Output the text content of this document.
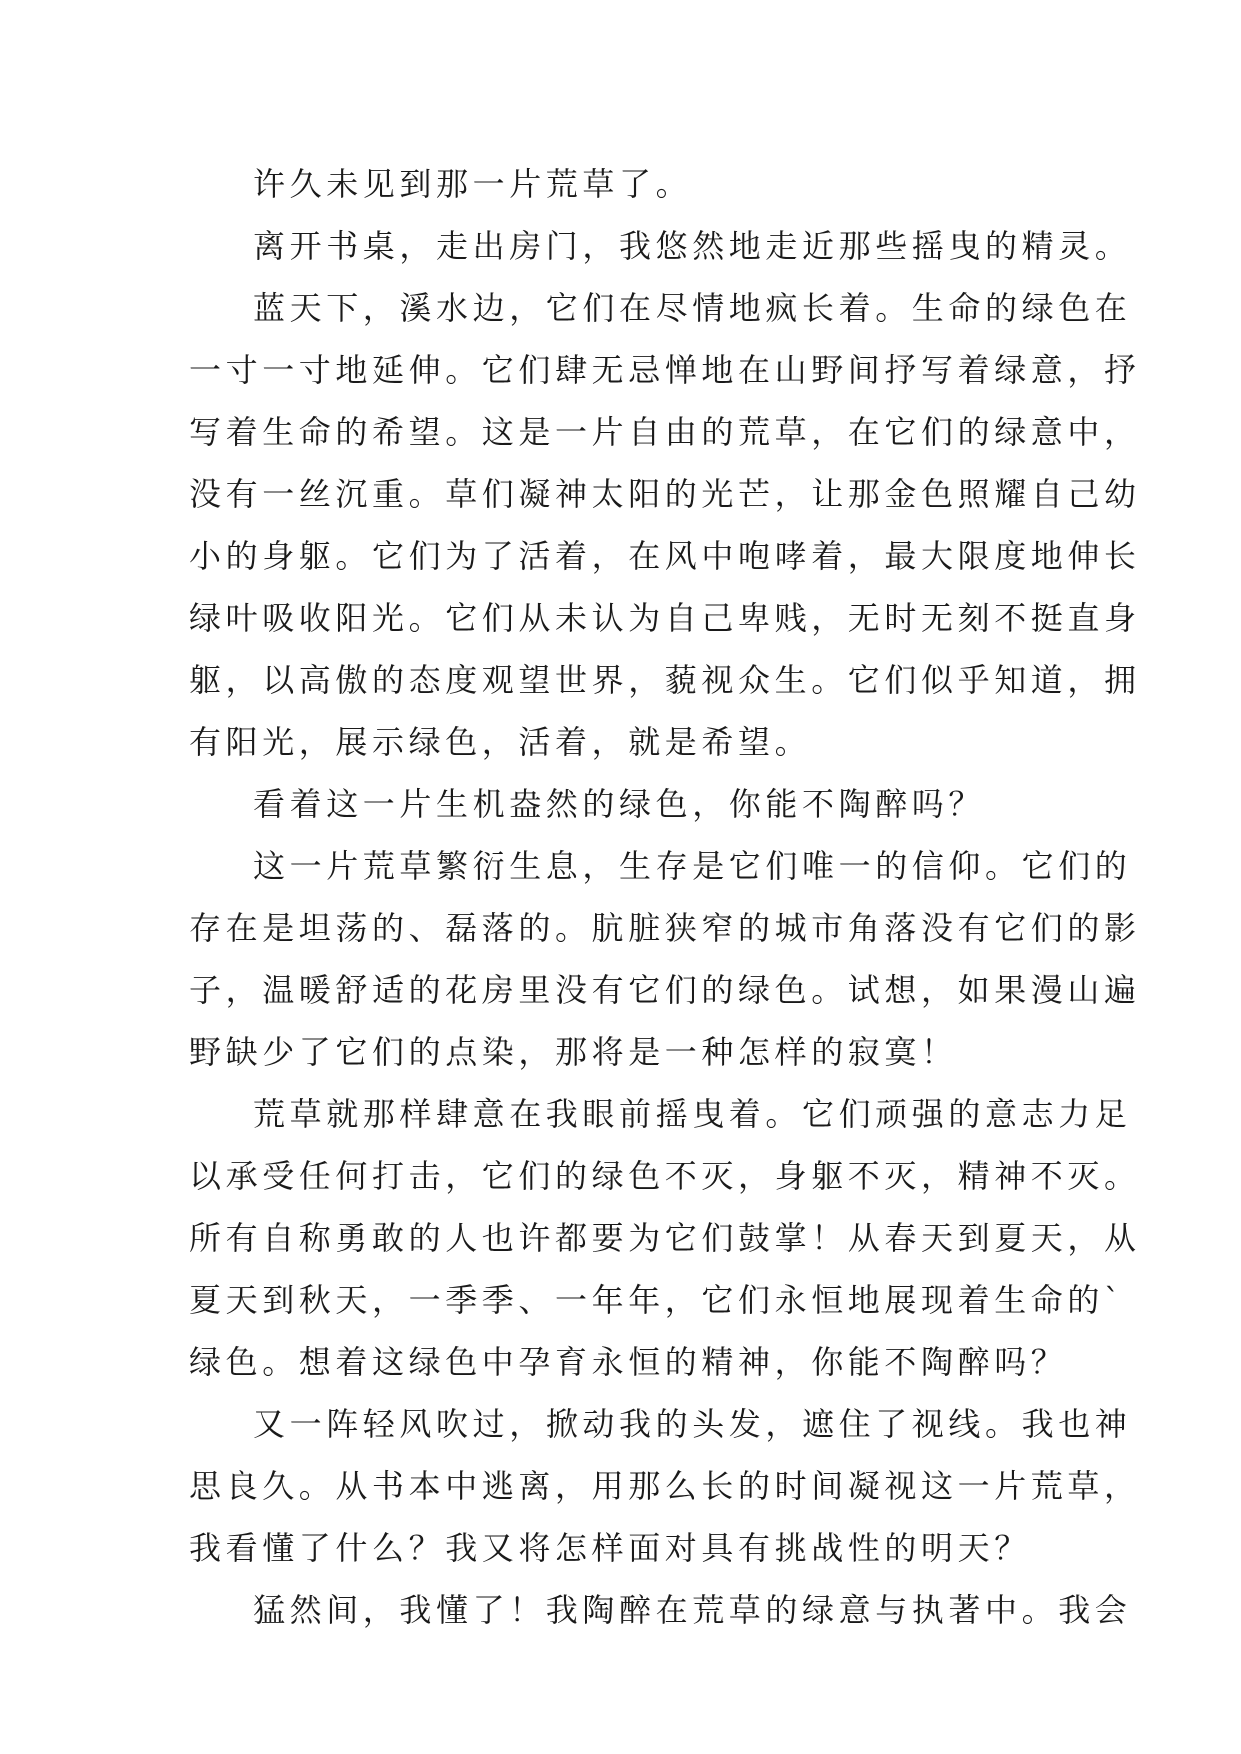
许久未见到那一片荒草了。

离开书桌，走出房门，我悠然地走近那些摇曳的精灵。

蓝天下，溪水边，它们在尽情地疯长着。生命的绿色在

一寸一寸地延伸。它们肆无忌惮地在山野间抒写着绿意，抒

写着生命的希望。这是一片自由的荒草，在它们的绿意中，

没有一丝沉重。草们凝神太阳的光芒，让那金色照耀自己幼

小的身躯。它们为了活着，在风中咆哮着，最大限度地伸长

绿叶吸收阳光。它们从未认为自己卑贱，无时无刻不挺直身

躯，以高傲的态度观望世界，藐视众生。它们似乎知道，拥

有阳光，展示绿色，活着，就是希望。

看着这一片生机盎然的绿色，你能不陶醉吗？

这一片荒草繁衍生息，生存是它们唯一的信仰。它们的

存在是坦荡的、磊落的。肮脏狭窄的城市角落没有它们的影

子，温暖舒适的花房里没有它们的绿色。试想，如果漫山遍

野缺少了它们的点染，那将是一种怎样的寂寞！

荒草就那样肆意在我眼前摇曳着。它们顽强的意志力足

以承受任何打击，它们的绿色不灭，身躯不灭，精神不灭。

所有自称勇敢的人也许都要为它们鼓掌！从春天到夏天，从

夏天到秋天，一季季、一年年，它们永恒地展现着生命的`

绿色。想着这绿色中孕育永恒的精神，你能不陶醉吗？

又一阵轻风吹过，掀动我的头发，遮住了视线。我也神

思良久。从书本中逃离，用那么长的时间凝视这一片荒草，

我看懂了什么？我又将怎样面对具有挑战性的明天？

猛然间，我懂了！我陶醉在荒草的绿意与执著中。我会
